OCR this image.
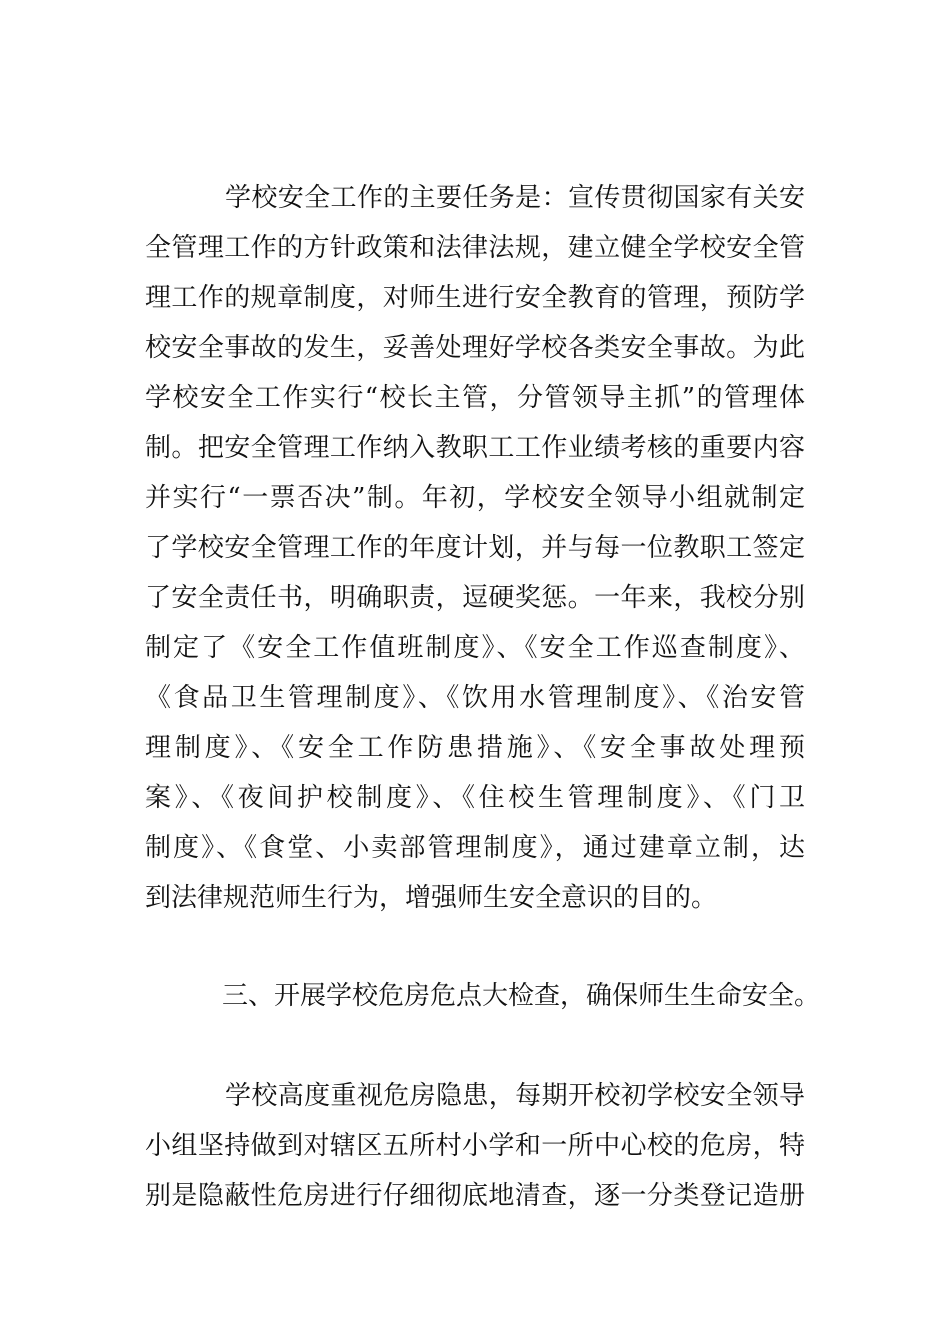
学校安全工作的主要任务是：宣传贯彻国家有关安
全管理工作的方针政策和法律法规，建立健全学校安全管
理工作的规章制度，对师生进行安全教育的管理，预防学
校安全事故的发生，妥善处理好学校各类安全事故。为此
学校安全工作实行“校长主管，分管领导主抓”的管理体
制。把安全管理工作纳入教职工工作业绩考核的重要内容
并实行“一票否决”制。年初，学校安全领导小组就制定
了学校安全管理工作的年度计划，并与每一位教职工签定
了安全责任书，明确职责，逗硬奖惩。一年来，我校分别
制定了《安全工作值班制度》、《安全工作巡查制度》、
《食品卫生管理制度》、《饮用水管理制度》、《治安管
理制度》、《安全工作防患措施》、《安全事故处理预
案》、《夜间护校制度》、《住校生管理制度》、《门卫
制度》、《食堂、小卖部管理制度》，通过建章立制，达
到法律规范师生行为，增强师生安全意识的目的。
三、开展学校危房危点大检查，确保师生生命安全。
学校高度重视危房隐患，每期开校初学校安全领导
小组坚持做到对辖区五所村小学和一所中心校的危房，特
别是隐蔽性危房进行仔细彻底地清查，逐一分类登记造册
